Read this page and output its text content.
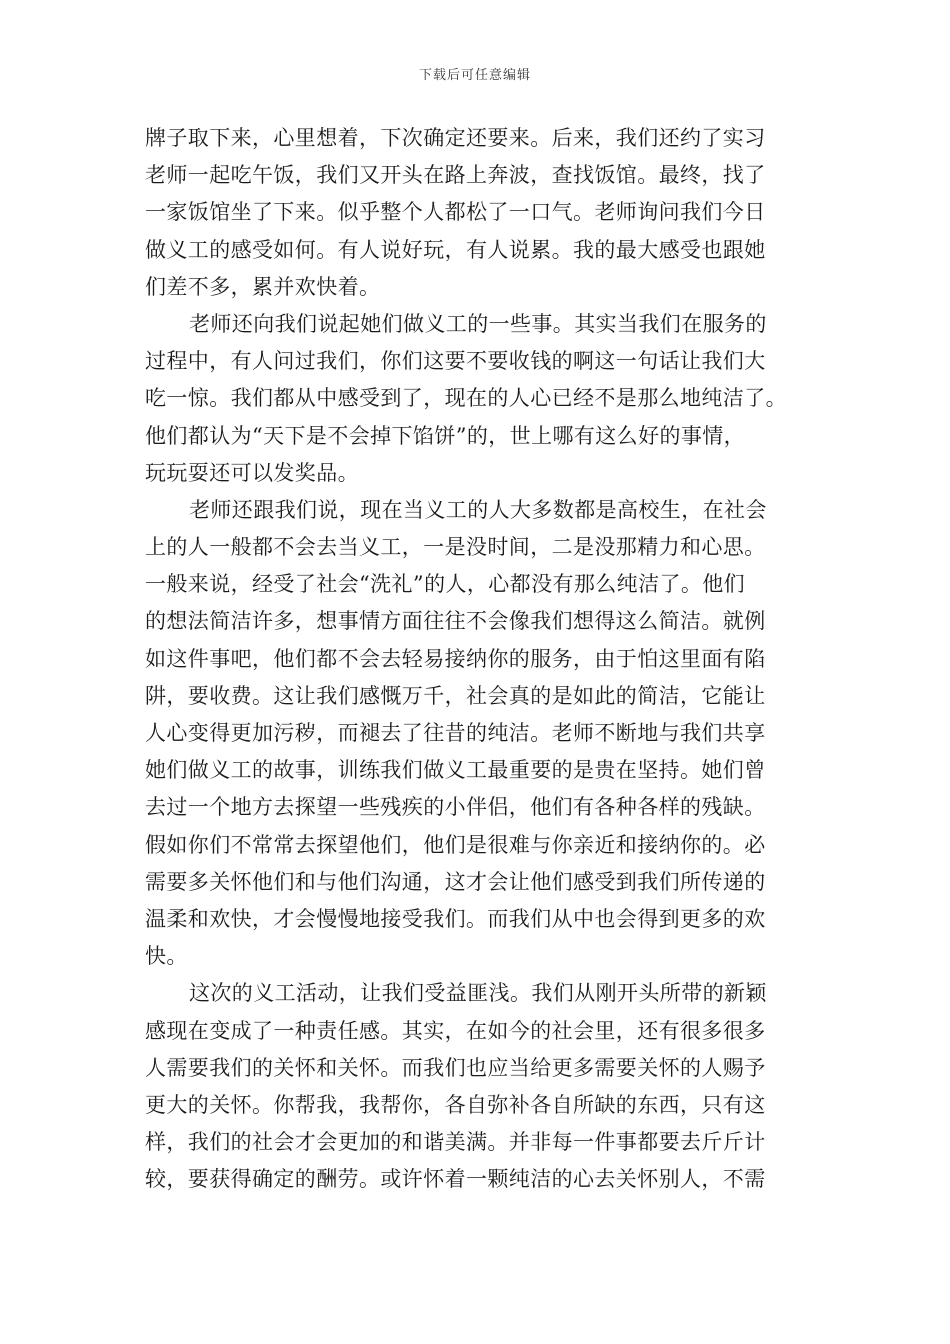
下载后可任意编辑
牌子取下来，心里想着，下次确定还要来。后来，我们还约了实习
老师一起吃午饭，我们又开头在路上奔波，查找饭馆。最终，找了
一家饭馆坐了下来。似乎整个人都松了一口气。老师询问我们今日
做义工的感受如何。有人说好玩，有人说累。我的最大感受也跟她
们差不多，累并欢快着。
老师还向我们说起她们做义工的一些事。其实当我们在服务的
过程中，有人问过我们，你们这要不要收钱的啊这一句话让我们大
吃一惊。我们都从中感受到了，现在的人心已经不是那么地纯洁了。
他们都认为“天下是不会掉下馅饼”的，世上哪有这么好的事情，
玩玩耍还可以发奖品。
老师还跟我们说，现在当义工的人大多数都是高校生，在社会
上的人一般都不会去当义工，一是没时间，二是没那精力和心思。
一般来说，经受了社会“洗礼”的人，心都没有那么纯洁了。他们
的想法简洁许多，想事情方面往往不会像我们想得这么简洁。就例
如这件事吧，他们都不会去轻易接纳你的服务，由于怕这里面有陷
阱，要收费。这让我们感慨万千，社会真的是如此的简洁，它能让
人心变得更加污秽，而褪去了往昔的纯洁。老师不断地与我们共享
她们做义工的故事，训练我们做义工最重要的是贵在坚持。她们曾
去过一个地方去探望一些残疾的小伴侣，他们有各种各样的残缺。
假如你们不常常去探望他们，他们是很难与你亲近和接纳你的。必
需要多关怀他们和与他们沟通，这才会让他们感受到我们所传递的
温柔和欢快，才会慢慢地接受我们。而我们从中也会得到更多的欢
快。
这次的义工活动，让我们受益匪浅。我们从刚开头所带的新颖
感现在变成了一种责任感。其实，在如今的社会里，还有很多很多
人需要我们的关怀和关怀。而我们也应当给更多需要关怀的人赐予
更大的关怀。你帮我，我帮你，各自弥补各自所缺的东西，只有这
样，我们的社会才会更加的和谐美满。并非每一件事都要去斤斤计
较，要获得确定的酬劳。或许怀着一颗纯洁的心去关怀别人，不需
